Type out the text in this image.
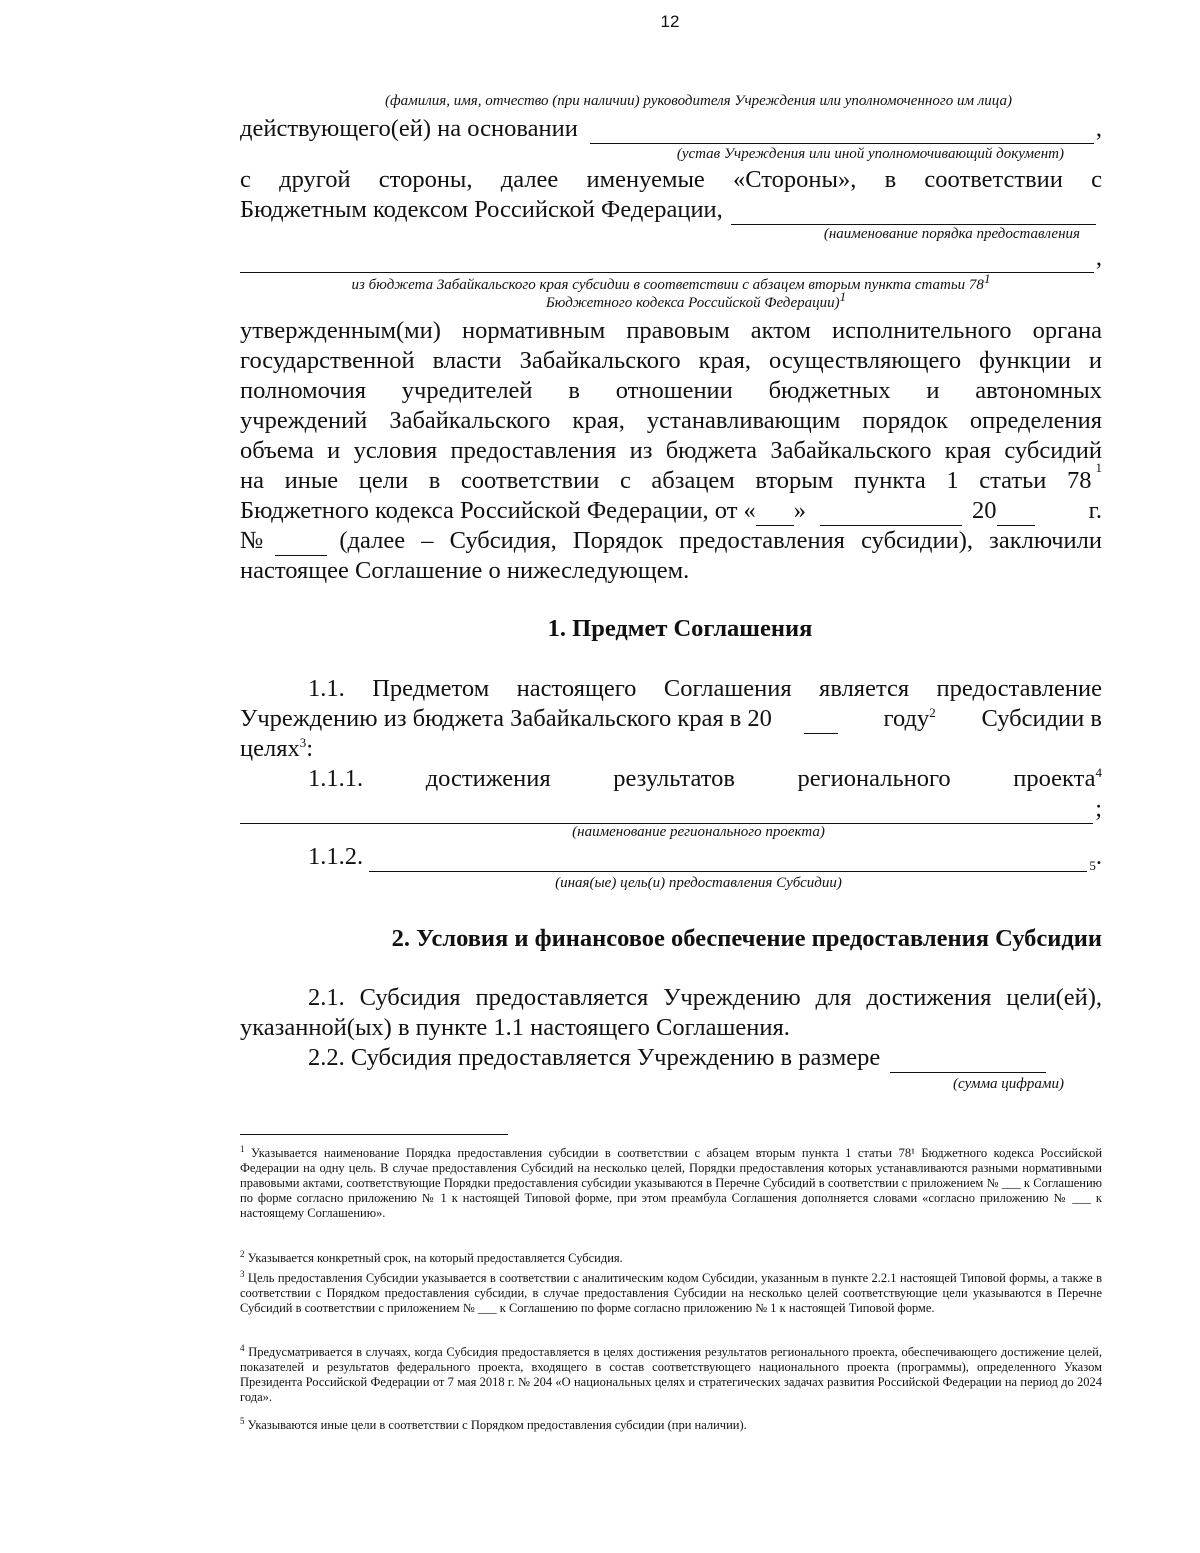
12
(фамилия, имя, отчество (при наличии) руководителя Учреждения или уполномоченного им лица)
действующего(ей) на основании	,
(устав Учреждения или иной уполномочивающий документ)
с другой стороны, далее именуемые «Стороны», в соответствии с
Бюджетным кодексом Российской Федерации,
(наименование порядка предоставления
,
из бюджета Забайкальского края субсидии в соответствии с абзацем вторым пункта статьи $78^1$
Бюджетного кодекса Российской Федерации)$^1$
утвержденным(ми) нормативным правовым актом исполнительного органа
государственной власти Забайкальского края, осуществляющего функции и
полномочия учредителей в отношении бюджетных и автономных
учреждений Забайкальского края, устанавливающим порядок определения
объема и условия предоставления из бюджета Забайкальского края субсидий
на иные цели в соответствии с абзацем вторым пункта 1 статьи 78 $^1$
Бюджетного кодекса Российской Федерации, от « »	20	г.
№	(далее – Субсидия, Порядок предоставления субсидии), заключили
настоящее Соглашение о нижеследующем.
1. Предмет Соглашения
1.1. Предметом настоящего Соглашения является предоставление
Учреждению из бюджета Забайкальского края в 20	году$^2$ Субсидии в
целях$^3$:
1.1.1.	достижения	результатов	регионального	проекта$^4$
;
(наименование регионального проекта)
1.1.2.	$^5$ .
(иная(ые) цель(и) предоставления Субсидии)
2. Условия и финансовое обеспечение предоставления Субсидии
2.1. Субсидия предоставляется Учреждению для достижения цели(ей),
указанной(ых) в пункте 1.1 настоящего Соглашения.
2.2. Субсидия предоставляется Учреждению в размере
(сумма цифрами)
$^1$ Указывается наименование Порядка предоставления субсидии в соответствии с абзацем вторым пункта 1 статьи 78¹ Бюджетного кодекса Российской Федерации на одну цель. В случае предоставления Субсидий на несколько целей, Порядки предоставления которых устанавливаются разными нормативными правовыми актами, соответствующие Порядки предоставления субсидии указываются в Перечне Субсидий в соответствии с приложением № ___ к Соглашению по форме согласно приложению № 1 к настоящей Типовой форме, при этом преамбула Соглашения дополняется словами «согласно приложению № ___ к настоящему Соглашению».
$^2$ Указывается конкретный срок, на который предоставляется Субсидия.
$^3$ Цель предоставления Субсидии указывается в соответствии с аналитическим кодом Субсидии, указанным в пункте 2.2.1 настоящей Типовой формы, а также в соответствии с Порядком предоставления субсидии, в случае предоставления Субсидии на несколько целей соответствующие цели указываются в Перечне Субсидий в соответствии с приложением № ___ к Соглашению по форме согласно приложению № 1 к настоящей Типовой форме.
$^4$ Предусматривается в случаях, когда Субсидия предоставляется в целях достижения результатов регионального проекта, обеспечивающего достижение целей, показателей и результатов федерального проекта, входящего в состав соответствующего национального проекта (программы), определенного Указом Президента Российской Федерации от 7 мая 2018 г. № 204 «О национальных целях и стратегических задачах развития Российской Федерации на период до 2024 года».
$^5$ Указываются иные цели в соответствии с Порядком предоставления субсидии (при наличии).
